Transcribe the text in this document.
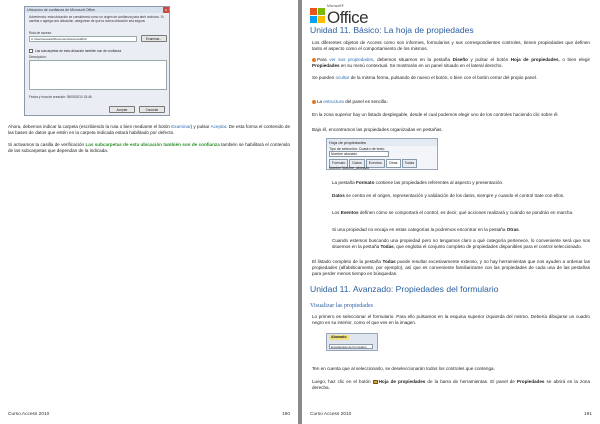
Ubicación de confianza de Microsoft Office	x
Advertencia: esta ubicación se considerará como un origen de confianza para abrir archivos. Si cambia o agrega una ubicación, asegúrese de que la nueva ubicación sea segura.
Ruta de acceso:
C:\Users\usuario\Documents\Access2010	Examinar...
Las subcarpetas de esta ubicación también son de confianza
Descripción:
Fecha y hora de creación: 05/05/2010 15:46
Aceptar	Cancelar
Ahora, debemos indicar la carpeta (escribiendo la ruta o bien mediante el botón Examinar) y pulsar Aceptar. De esta forma el contenido de las bases de datos que estén en la carpeta indicada estará habilitado por defecto.
Si activamos la casilla de verificación Las subcarpetas de esta ubicación también son de confianza también se habilitará el contenido de las subcarpetas que dependan de la indicada.
Curso Access 2010	190
Microsoft®
Office
Unidad 11. Básico: La hoja de propiedades
Los diferentes objetos de Access como son informes, formularios y sus correspondientes controles, tienen propiedades que definen tanto el aspecto como el comportamiento de los mismos.
Para ver sus propiedades, debemos situarnos en la pestaña Diseño y pulsar el botón Hoja de propiedades, o bien elegir Propiedades en su menú contextual. Se mostrarán en un panel situado en el lateral derecho.
Se pueden ocultar de la misma forma, pulsando de nuevo el botón, o bien con el botón cerrar del propio panel.
La estructura del panel es sencilla:
En la zona superior hay un listado desplegable, desde el cual podemos elegir uno de los controles haciendo clic sobre él.
Bajo él, encontramos las propiedades organizadas en pestañas.
Hoja de propiedades
Tipo de selección: Cuadro de texto
Nombre abonado
Formato	Datos	Eventos	Otras	Todas
Nombre Nombre_abonado
La pestaña Formato contiene las propiedades referentes al aspecto y presentación.
Datos se centra en el origen, representación y validación de los datos, siempre y cuando el control trate con ellos.
Los Eventos definen cómo se comportará el control, es decir, qué acciones realizará y cuándo se pondrán en marcha.
Si una propiedad no encaja en estas categorías la podremos encontrar en la pestaña Otras.
Cuando estemos buscando una propiedad pero no tengamos claro a qué categoría pertenece, lo conveniente será que nos situemos en la pestaña Todas, que engloba el conjunto completo de propiedades disponibles para el control seleccionado.
El listado completo de la pestaña Todas puede resultar excesivamente extenso, y no hay herramientas que nos ayuden a ordenar las propiedades (alfabéticamente, por ejemplo), así que es conveniente familiarizarse con las propiedades de cada una de las pestañas para perder menos tiempo en búsquedas.
Unidad 11. Avanzado: Propiedades del formulario
Visualizar las propiedades
Lo primero es seleccionar el formulario. Para ello pulsamos en la esquina superior izquierda del mismo. Debería dibujarse un cuadro negro en su interior, como el que ves en la imagen.
Abonado
Encabezado del formulario
Ten en cuenta que al seleccionarlo, se deseleccionarán todos los controles que contenga.
Luego, haz clic en el botón Hoja de propiedades de la barra de herramientas. El panel de Propiedades se abrirá en la zona derecha.
Curso Access 2010	191
